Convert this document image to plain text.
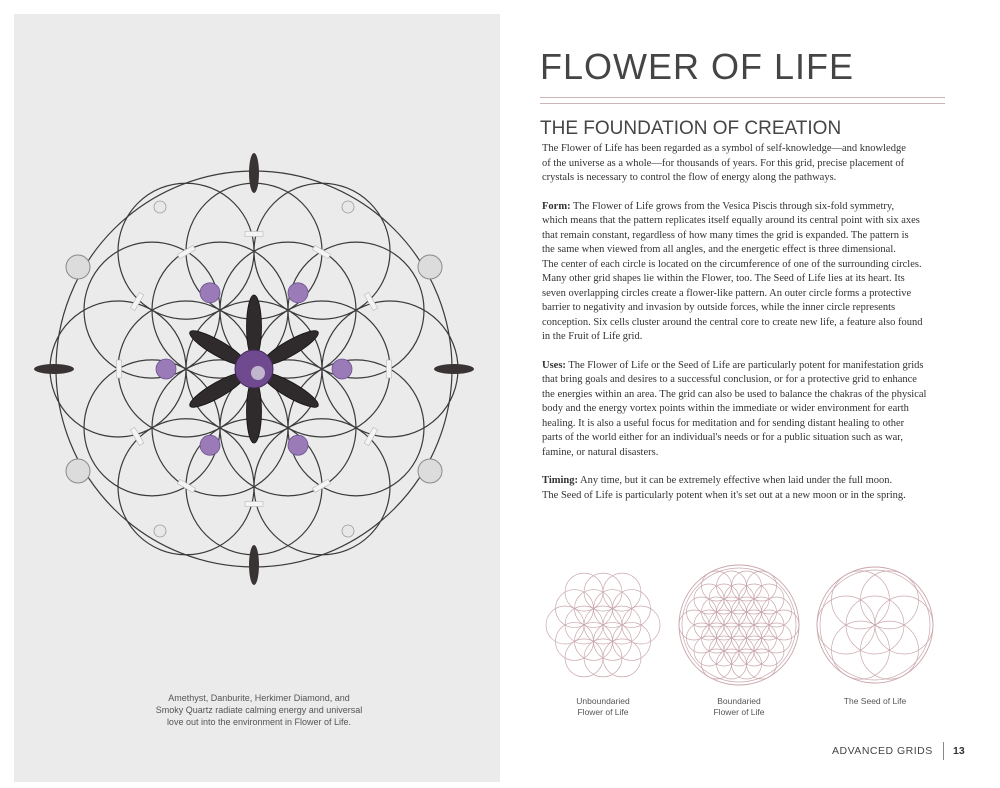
Amethyst, Danburite, Herkimer Diamond, and
Smoky Quartz radiate calming energy and universal
love out into the environment in Flower of Life.
FLOWER OF LIFE
THE FOUNDATION OF CREATION

The Flower of Life has been regarded as a symbol of self-knowledge—and knowledge
of the universe as a whole—for thousands of years. For this grid, precise placement of
crystals is necessary to control the flow of energy along the pathways.

Form: The Flower of Life grows from the Vesica Piscis through six-fold symmetry,
which means that the pattern replicates itself equally around its central point with six axes
that remain constant, regardless of how many times the grid is expanded. The pattern is
the same when viewed from all angles, and the energetic effect is three dimensional.
The center of each circle is located on the circumference of one of the surrounding circles.
Many other grid shapes lie within the Flower, too. The Seed of Life lies at its heart. Its
seven overlapping circles create a flower-like pattern. An outer circle forms a protective
barrier to negativity and invasion by outside forces, while the inner circle represents
conception. Six cells cluster around the central core to create new life, a feature also found
in the Fruit of Life grid.

Uses: The Flower of Life or the Seed of Life are particularly potent for manifestation grids
that bring goals and desires to a successful conclusion, or for a protective grid to enhance
the energies within an area. The grid can also be used to balance the chakras of the physical
body and the energy vortex points within the immediate or wider environment for earth
healing. It is also a useful focus for meditation and for sending distant healing to other
parts of the world either for an individual's needs or for a public situation such as war,
famine, or natural disasters.

Timing: Any time, but it can be extremely effective when laid under the full moon.
The Seed of Life is particularly potent when it's set out at a new moon or in the spring.

Unboundaried
Flower of Life
Boundaried
Flower of Life
The Seed of Life
ADVANCED GRIDS 13
